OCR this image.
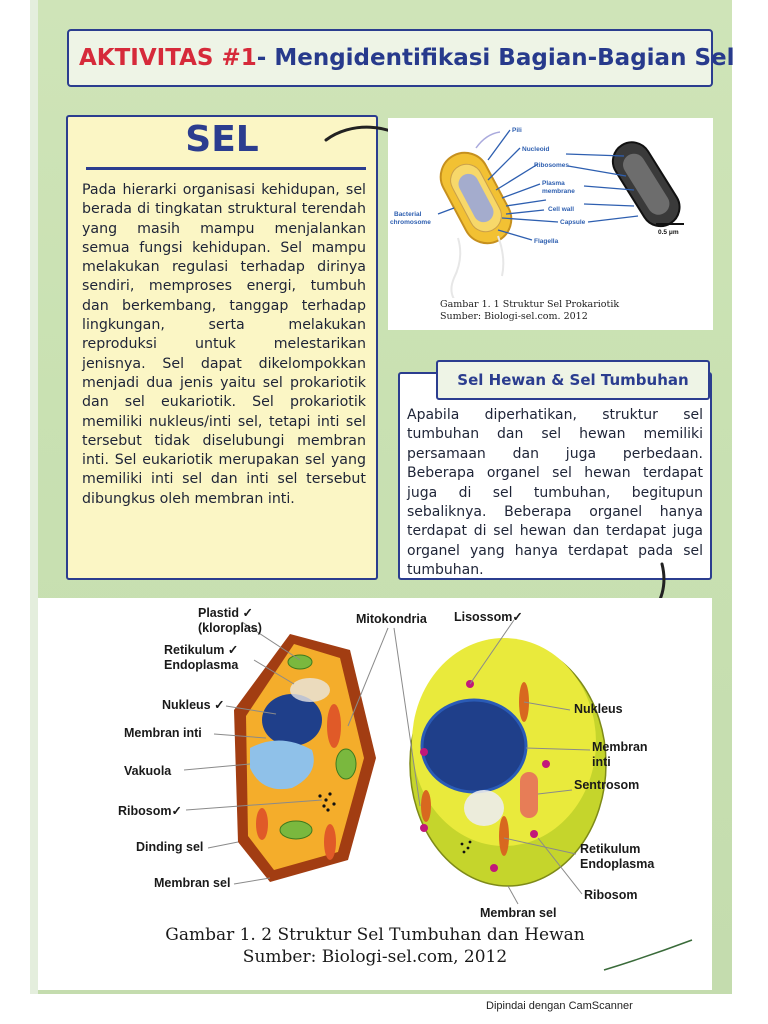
AKTIVITAS #1 - Mengidentifikasi Bagian-Bagian Sel
SEL
Pada hierarki organisasi kehidupan, sel berada di tingkatan struktural terendah yang masih mampu menjalankan semua fungsi kehidupan. Sel mampu melakukan regulasi terhadap dirinya sendiri, memproses energi, tumbuh dan berkembang, tanggap terhadap lingkungan, serta melakukan reproduksi untuk melestarikan jenisnya. Sel dapat dikelompokkan menjadi dua jenis yaitu sel prokariotik dan sel eukariotik. Sel prokariotik memiliki nukleus/inti sel, tetapi inti sel tersebut tidak diselubungi membran inti. Sel eukariotik merupakan sel yang memiliki inti sel dan inti sel tersebut dibungkus oleh membran inti.
Pili
Nucleoid
Ribosomes
Plasma
membrane
Cell wall
Capsule
Flagella
Bacterial
chromosome
0.5 μm
Gambar 1. 1 Struktur Sel Prokariotik
Sumber: Biologi-sel.com. 2012
Apabila diperhatikan, struktur sel tumbuhan dan sel hewan memiliki persamaan dan juga perbedaan. Beberapa organel sel hewan terdapat juga di sel tumbuhan, begitupun sebaliknya. Beberapa organel hanya terdapat di sel hewan dan terdapat juga organel yang hanya terdapat pada sel tumbuhan.
Sel Hewan & Sel Tumbuhan
Plastid ✓
(kloroplas)
Retikulum ✓
Endoplasma
Nukleus ✓
Membran inti
Vakuola
Ribosom✓
Dinding sel
Membran sel
Mitokondria Lisossom✓
Nukleus
Membran
inti
Sentrosom
Retikulum
Endoplasma
Ribosom
Membran sel
Gambar 1. 2 Struktur Sel Tumbuhan dan Hewan
Sumber: Biologi-sel.com, 2012
Dipindai dengan CamScanner
